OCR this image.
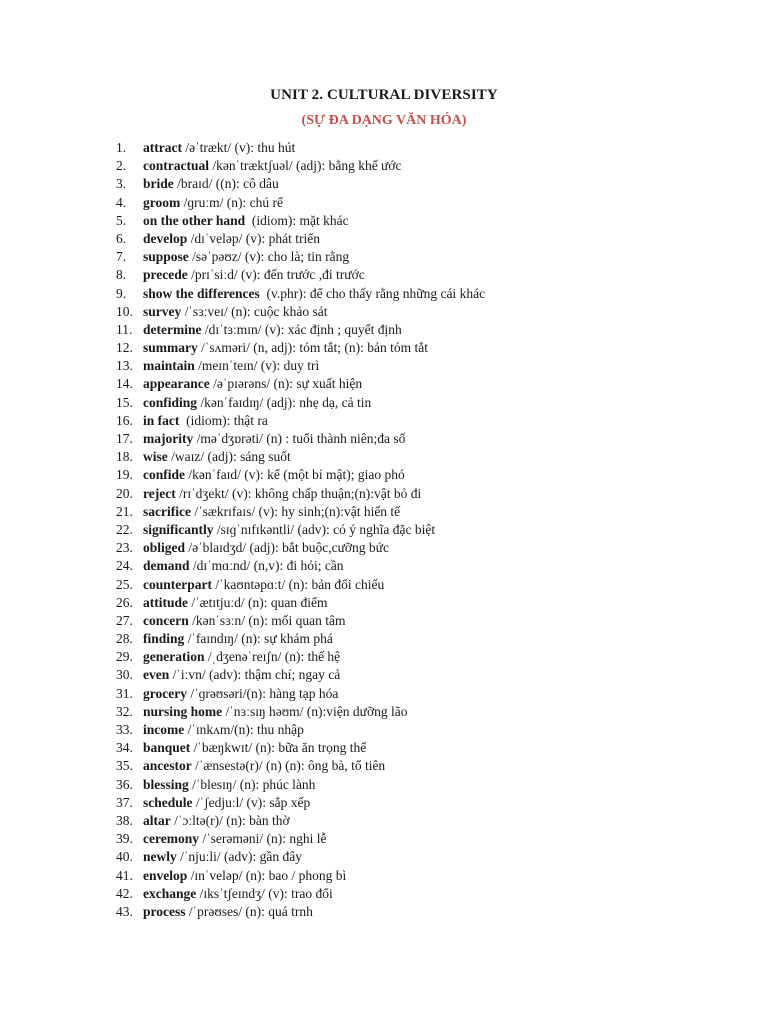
UNIT 2. CULTURAL DIVERSITY
(SỰ ĐA DẠNG VĂN HÓA)
1. attract /əˈtrækt/ (v): thu hút
2. contractual /kənˈtræktʃuəl/ (adj): bằng khế ước
3. bride /braɪd/ ((n): cô dâu
4. groom /ɡruːm/ (n): chú rể
5. on the other hand  (idiom): mặt khác
6. develop /dɪˈveləp/ (v): phát triển
7. suppose /səˈpəʊz/ (v): cho là; tin rằng
8. precede /prɪˈsiːd/ (v): đến trước ,đi trước
9. show the differences  (v.phr): để cho thấy rằng những cái khác
10. survey /ˈsɜːveɪ/ (n): cuộc khảo sát
11. determine /dɪˈtɜːmɪn/ (v): xác định ; quyết định
12. summary /ˈsʌməri/ (n, adj): tóm tắt; (n): bản tóm tắt
13. maintain /meɪnˈteɪn/ (v): duy trì
14. appearance /əˈpɪərəns/ (n): sự xuất hiện
15. confiding /kənˈfaɪdɪŋ/ (adj): nhẹ dạ, cả tin
16. in fact  (idiom): thật ra
17. majority /məˈdʒɒrəti/ (n) : tuổi thành niên;đa số
18. wise /waɪz/ (adj): sáng suốt
19. confide /kənˈfaɪd/ (v): kể (một bí mật); giao phó
20. reject /rɪˈdʒekt/ (v): không chấp thuận;(n):vật bỏ đi
21. sacrifice /ˈsækrɪfaɪs/ (v): hy sinh;(n):vật hiến tế
22. significantly /sɪɡˈnɪfɪkəntli/ (adv): có ý nghĩa đặc biệt
23. obliged /əˈblaɪdʒd/ (adj): bắt buộc,cưỡng bức
24. demand /dɪˈmɑːnd/ (n,v): đi hỏi; cần
25. counterpart /ˈkaʊntəpɑːt/ (n): bản đối chiếu
26. attitude /ˈætɪtjuːd/ (n): quan điểm
27. concern /kənˈsɜːn/ (n): mối quan tâm
28. finding /ˈfaɪndɪŋ/ (n): sự khám phá
29. generation /ˌdʒenəˈreɪʃn/ (n): thế hệ
30. even /ˈiːvn/ (adv): thậm chí; ngay cả
31. grocery /ˈɡrəʊsəri/(n): hàng tạp hóa
32. nursing home /ˈnɜːsɪŋ həʊm/ (n):viện dưỡng lão
33. income /ˈɪnkʌm/(n): thu nhập
34. banquet /ˈbæŋkwɪt/ (n): bữa ăn trọng thể
35. ancestor /ˈænsestə(r)/ (n) (n): ông bà, tổ tiên
36. blessing /ˈblesɪŋ/ (n): phúc lành
37. schedule /ˈʃedjuːl/ (v): sắp xếp
38. altar /ˈɔːltə(r)/ (n): bàn thờ
39. ceremony /ˈserəməni/ (n): nghi lễ
40. newly /ˈnjuːli/ (adv): gần đây
41. envelop /ɪnˈveləp/ (n): bao / phong bì
42. exchange /ɪksˈtʃeɪndʒ/ (v): trao đổi
43. process /ˈprəʊses/ (n): quá trnh
